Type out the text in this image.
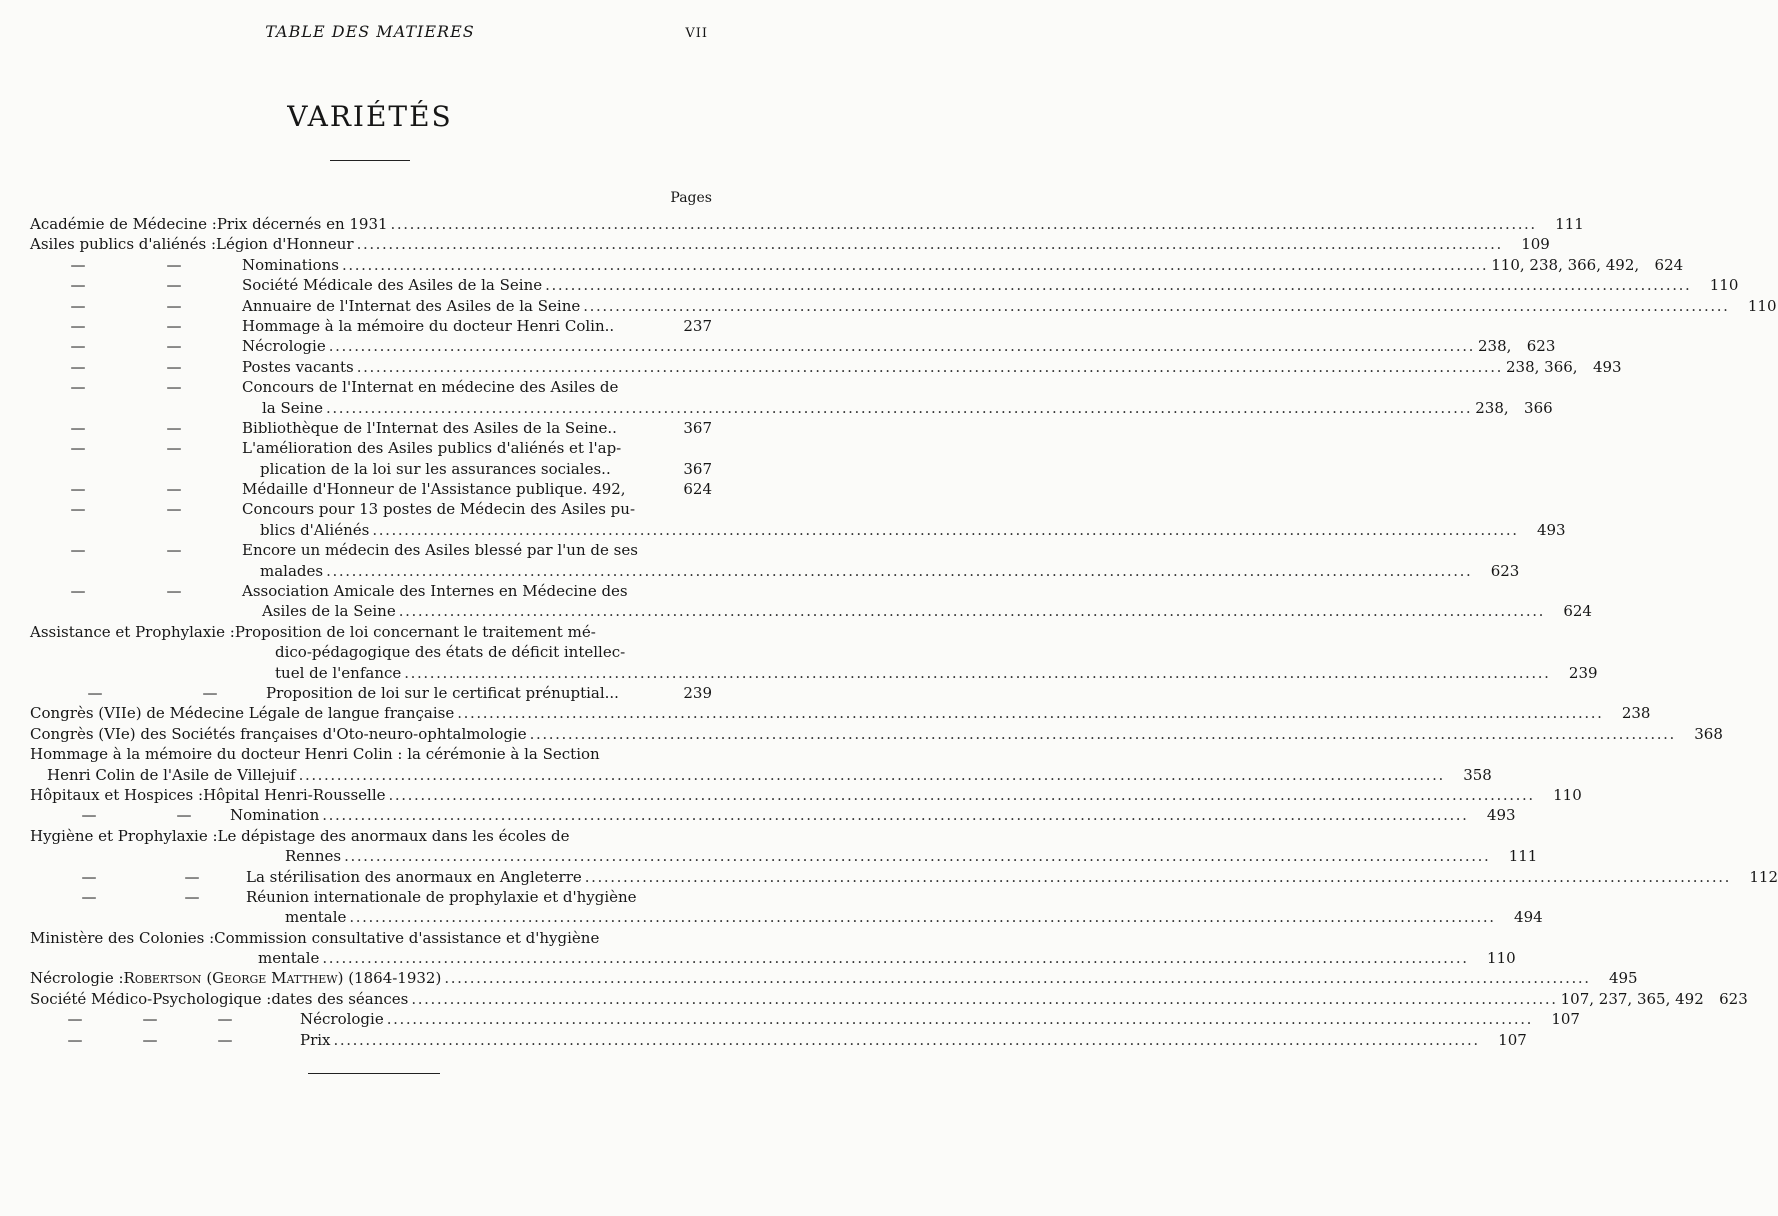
TABLE DES MATIERES	VII
VARIÉTÉS
Pages
Académie de Médecine : Prix décernés en 1931 .....	111
Asiles publics d'aliénés : Légion d'Honneur .....	109
—	—	Nominations .....	110, 238, 366, 492,	624
—	—	Société Médicale des Asiles de la Seine .....	110
—	—	Annuaire de l'Internat des Asiles de la Seine .....	110
—	—	Hommage à la mémoire du docteur Henri Colin..	237
—	—	Nécrologie .....	238,	623
—	—	Postes vacants .....	238, 366,	493
—	—	Concours de l'Internat en médecine des Asiles de
la Seine .....	238,	366
—	—	Bibliothèque de l'Internat des Asiles de la Seine..	367
—	—	L'amélioration des Asiles publics d'aliénés et l'ap-
plication de la loi sur les assurances sociales..	367
—	—	Médaille d'Honneur de l'Assistance publique. 492,	624
—	—	Concours pour 13 postes de Médecin des Asiles pu-
blics d'Aliénés .....	493
—	—	Encore un médecin des Asiles blessé par l'un de ses
malades .....	623
—	—	Association Amicale des Internes en Médecine des
Asiles de la Seine .....	624
Assistance et Prophylaxie : Proposition de loi concernant le traitement mé-
dico-pédagogique des états de déficit intellec-
tuel de l'enfance .....	239
—	—	Proposition de loi sur le certificat prénuptial...	239
Congrès (VIIe) de Médecine Légale de langue française .....	238
Congrès (VIe) des Sociétés françaises d'Oto-neuro-ophtalmologie .....	368
Hommage à la mémoire du docteur Henri Colin : la cérémonie à la Section
Henri Colin de l'Asile de Villejuif .....	358
Hôpitaux et Hospices : Hôpital Henri-Rousselle .....	110
—	—	Nomination .....	493
Hygiène et Prophylaxie : Le dépistage des anormaux dans les écoles de
Rennes .....	111
—	—	La stérilisation des anormaux en Angleterre .....	112
—	—	Réunion internationale de prophylaxie et d'hygiène
mentale .....	494
Ministère des Colonies : Commission consultative d'assistance et d'hygiène
mentale .....	110
Nécrologie : Robertson (George Matthew) (1864-1932) .....	495
Société Médico-Psychologique : dates des séances .....	107, 237, 365, 492	623
—	—	—	Nécrologie .....	107
—	—	—	Prix .....	107
